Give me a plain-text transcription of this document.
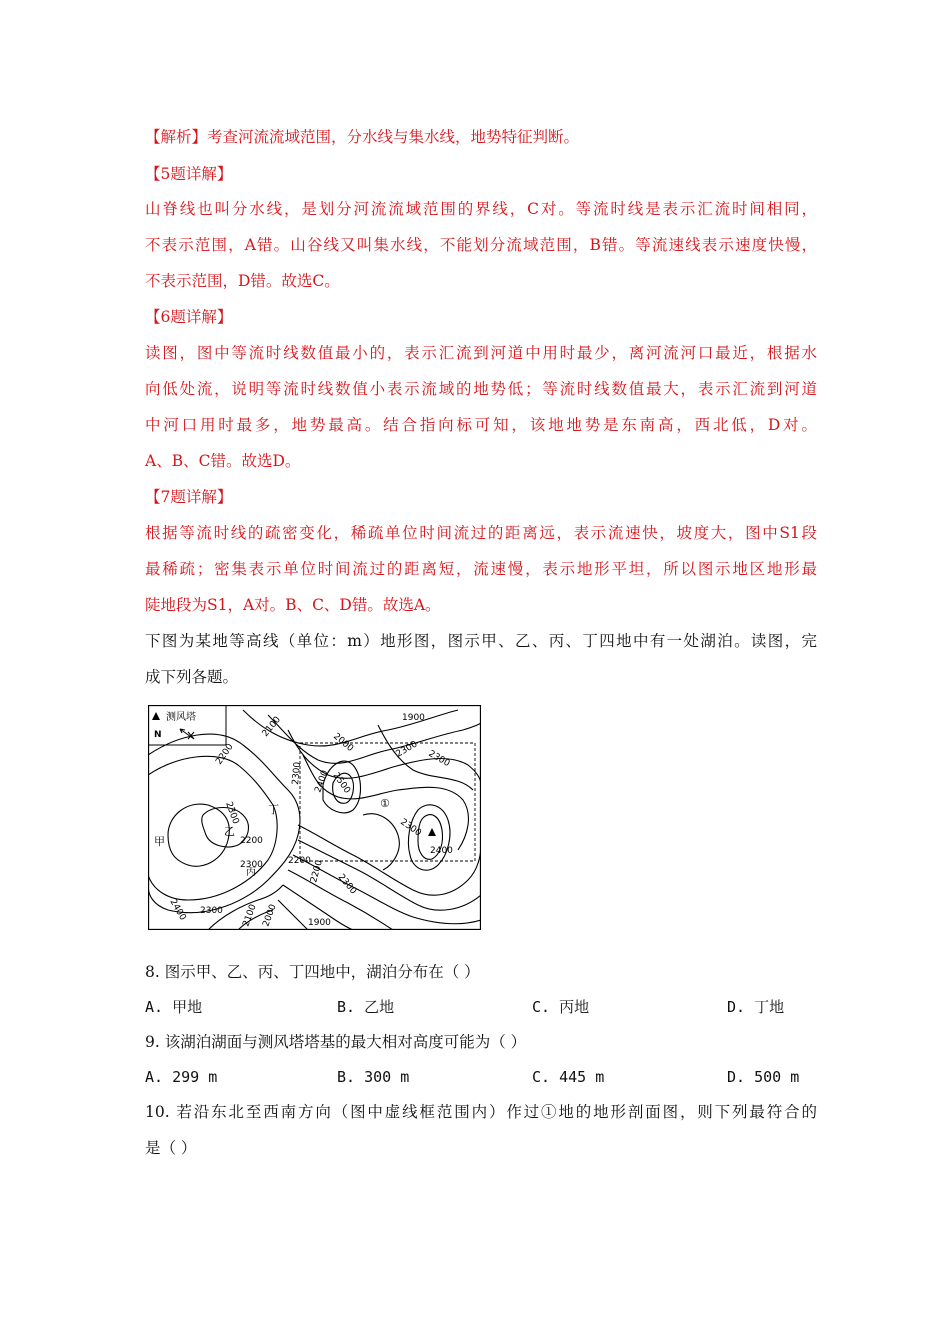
【解析】考查河流流域范围，分水线与集水线，地势特征判断。
【5题详解】
山脊线也叫分水线，是划分河流流域范围的界线，C对。等流时线是表示汇流时间相同，
不表示范围，A错。山谷线又叫集水线，不能划分流域范围，B错。等流速线表示速度快慢，
不表示范围，D错。故选C。
【6题详解】
读图，图中等流时线数值最小的，表示汇流到河道中用时最少，离河流河口最近，根据水
向低处流，说明等流时线数值小表示流域的地势低；等流时线数值最大，表示汇流到河道
中河口用时最多，地势最高。结合指向标可知，该地地势是东南高，西北低，D对。
A、B、C错。故选D。
【7题详解】
根据等流时线的疏密变化，稀疏单位时间流过的距离远，表示流速快，坡度大，图中S1段
最稀疏；密集表示单位时间流过的距离短，流速慢，表示地形平坦，所以图示地区地形最
陡地段为S1，A对。B、C、D错。故选A。
下图为某地等高线（单位：m）地形图，图示甲、乙、丙、丁四地中有一处湖泊。读图，完
成下列各题。
测风塔
N
甲
乙
丙
丁	①
2100
2000
1900
2200
2300
2400 2500
2300
2300 2300
2300
2400
2200
2300	2200
2200
2300
2400 2300 2100 2000	1900
8. 图示甲、乙、丙、丁四地中，湖泊分布在（ ）
A. 甲地	B. 乙地	C. 丙地	D. 丁地
9. 该湖泊湖面与测风塔塔基的最大相对高度可能为（ ）
A. 299 m	B. 300 m	C. 445 m	D. 500 m
10. 若沿东北至西南方向（图中虚线框范围内）作过①地的地形剖面图，则下列最符合的
是（ ）
